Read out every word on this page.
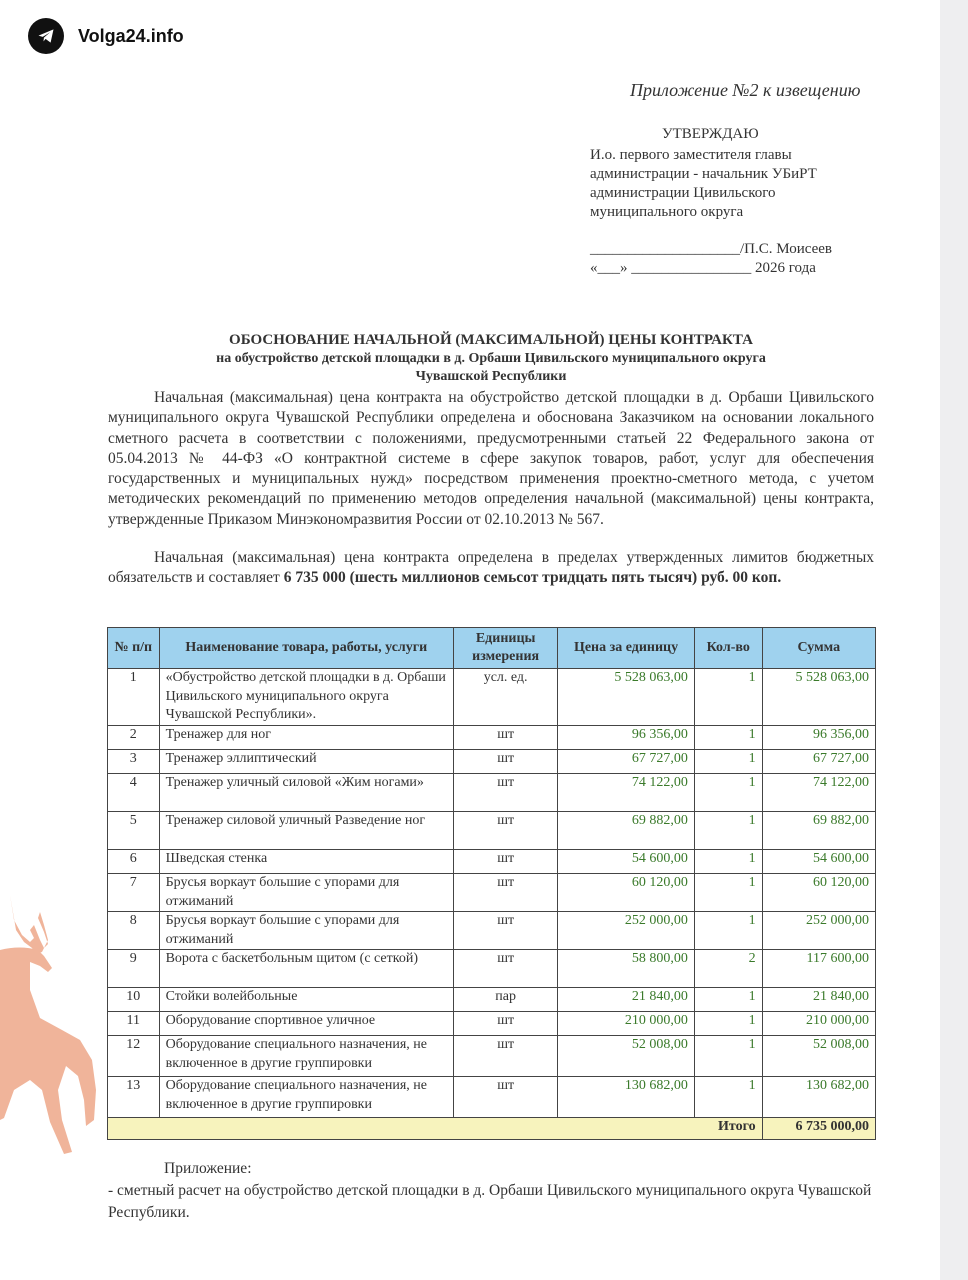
Volga24.info
Приложение №2 к извещению
УТВЕРЖДАЮ
И.о. первого заместителя главы
администрации - начальник УБиРТ
администрации Цивильского
муниципального округа
____________________/П.С. Моисеев
«___» ________________ 2026 года
ОБОСНОВАНИЕ НАЧАЛЬНОЙ (МАКСИМАЛЬНОЙ) ЦЕНЫ КОНТРАКТА
на обустройство детской площадки в д. Орбаши Цивильского муниципального округа
Чувашской Республики
Начальная (максимальная) цена контракта на обустройство детской площадки в д. Орбаши Цивильского муниципального округа Чувашской Республики определена и обоснована Заказчиком на основании локального сметного расчета в соответствии с положениями, предусмотренными статьей 22 Федерального закона от 05.04.2013 № 44-ФЗ «О контрактной системе в сфере закупок товаров, работ, услуг для обеспечения государственных и муниципальных нужд» посредством применения проектно-сметного метода, с учетом методических рекомендаций по применению методов определения начальной (максимальной) цены контракта, утвержденные Приказом Минэкономразвития России от 02.10.2013 № 567.
Начальная (максимальная) цена контракта определена в пределах утвержденных лимитов бюджетных обязательств и составляет 6 735 000 (шесть миллионов семьсот тридцать пять тысяч) руб. 00 коп.
№ п/п	Наименование товара, работы, услуги	Единицы измерения	Цена за единицу	Кол-во	Сумма
1	«Обустройство детской площадки в д. Орбаши Цивильского муниципального округа Чувашской Республики».	усл. ед.	5 528 063,00	1	5 528 063,00
2	Тренажер для ног	шт	96 356,00	1	96 356,00
3	Тренажер эллиптический	шт	67 727,00	1	67 727,00
4	Тренажер уличный силовой «Жим ногами»	шт	74 122,00	1	74 122,00
5	Тренажер силовой уличный Разведение ног	шт	69 882,00	1	69 882,00
6	Шведская стенка	шт	54 600,00	1	54 600,00
7	Брусья воркаут большие с упорами для отжиманий	шт	60 120,00	1	60 120,00
8	Брусья воркаут большие с упорами для отжиманий	шт	252 000,00	1	252 000,00
9	Ворота с баскетбольным щитом (с сеткой)	шт	58 800,00	2	117 600,00
10	Стойки волейбольные	пар	21 840,00	1	21 840,00
11	Оборудование спортивное уличное	шт	210 000,00	1	210 000,00
12	Оборудование специального назначения, не включенное в другие группировки	шт	52 008,00	1	52 008,00
13	Оборудование специального назначения, не включенное в другие группировки	шт	130 682,00	1	130 682,00
Итого					6 735 000,00
Приложение:
- сметный расчет на обустройство детской площадки в д. Орбаши Цивильского муниципального округа Чувашской Республики.
